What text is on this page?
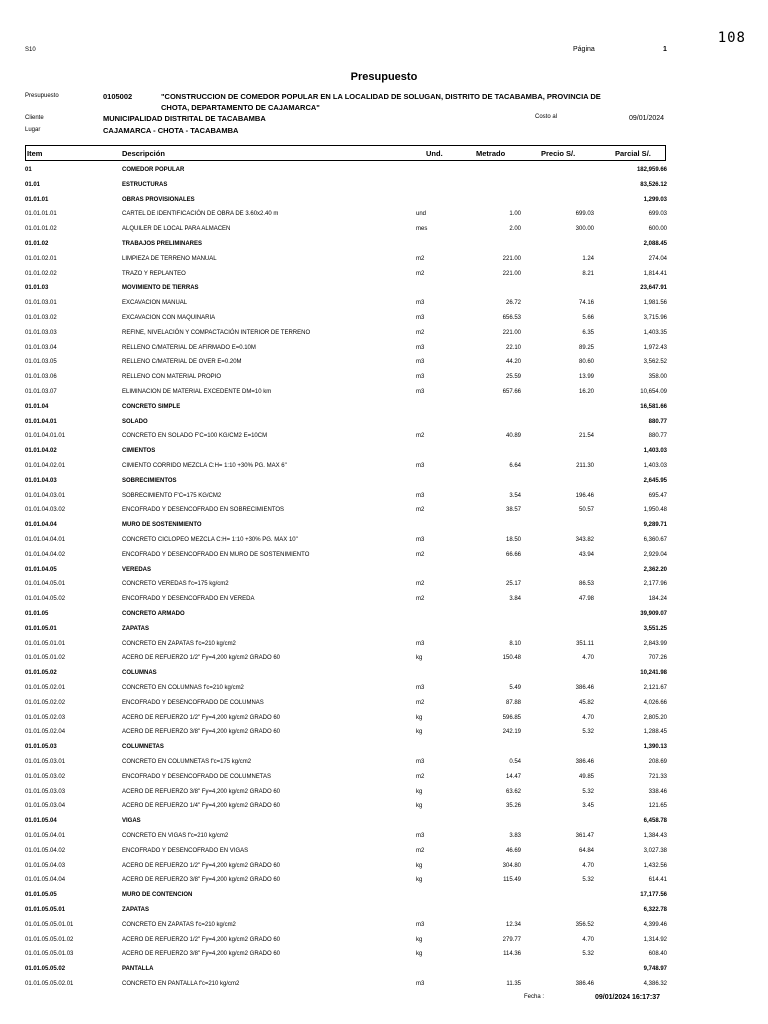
108
S10	Página	1
Presupuesto
Presupuesto	0105002	"CONSTRUCCION DE COMEDOR POPULAR EN LA LOCALIDAD DE SOLUGAN, DISTRITO DE TACABAMBA, PROVINCIA DE
CHOTA, DEPARTAMENTO DE CAJAMARCA"
Cliente	MUNICIPALIDAD DISTRITAL DE TACABAMBA	Costo al	09/01/2024
Lugar	CAJAMARCA - CHOTA - TACABAMBA
Item	Descripción	Und.	Metrado	Precio S/.	Parcial S/.
01	COMEDOR POPULAR	182,959.66
01.01	ESTRUCTURAS	83,526.12
01.01.01	OBRAS PROVISIONALES	1,299.03
01.01.01.01	CARTEL DE IDENTIFICACIÓN DE OBRA DE 3.60x2.40 m	und	1.00	699.03	699.03
01.01.01.02	ALQUILER DE LOCAL PARA ALMACEN	mes	2.00	300.00	600.00
01.01.02	TRABAJOS PRELIMINARES	2,088.45
01.01.02.01	LIMPIEZA DE TERRENO MANUAL	m2	221.00	1.24	274.04
01.01.02.02	TRAZO Y REPLANTEO	m2	221.00	8.21	1,814.41
01.01.03	MOVIMIENTO DE TIERRAS	23,647.91
01.01.03.01	EXCAVACION MANUAL	m3	26.72	74.16	1,981.56
01.01.03.02	EXCAVACION CON MAQUINARIA	m3	656.53	5.66	3,715.96
01.01.03.03	REFINE, NIVELACIÓN Y COMPACTACIÓN INTERIOR DE TERRENO	m2	221.00	6.35	1,403.35
01.01.03.04	RELLENO C/MATERIAL DE AFIRMADO E=0.10M	m3	22.10	89.25	1,972.43
01.01.03.05	RELLENO C/MATERIAL DE OVER E=0.20M	m3	44.20	80.60	3,562.52
01.01.03.06	RELLENO CON MATERIAL PROPIO	m3	25.59	13.99	358.00
01.01.03.07	ELIMINACION DE MATERIAL EXCEDENTE DM=10 km	m3	657.66	16.20	10,654.09
01.01.04	CONCRETO SIMPLE	16,581.66
01.01.04.01	SOLADO	880.77
01.01.04.01.01	CONCRETO EN SOLADO F'C=100 KG/CM2 E=10CM	m2	40.89	21.54	880.77
01.01.04.02	CIMIENTOS	1,403.03
01.01.04.02.01	CIMIENTO CORRIDO MEZCLA C:H= 1:10 +30% PG. MAX 6"	m3	6.64	211.30	1,403.03
01.01.04.03	SOBRECIMIENTOS	2,645.95
01.01.04.03.01	SOBRECIMIENTO F'C=175 KG/CM2	m3	3.54	196.46	695.47
01.01.04.03.02	ENCOFRADO Y DESENCOFRADO EN SOBRECIMIENTOS	m2	38.57	50.57	1,950.48
01.01.04.04	MURO DE SOSTENIMIENTO	9,289.71
01.01.04.04.01	CONCRETO CICLOPEO MEZCLA C:H= 1:10 +30% PG. MAX 10"	m3	18.50	343.82	6,360.67
01.01.04.04.02	ENCOFRADO Y DESENCOFRADO EN MURO DE SOSTENIMIENTO	m2	66.66	43.94	2,929.04
01.01.04.05	VEREDAS	2,362.20
01.01.04.05.01	CONCRETO VEREDAS f'c=175 kg/cm2	m2	25.17	86.53	2,177.96
01.01.04.05.02	ENCOFRADO Y DESENCOFRADO EN VEREDA	m2	3.84	47.98	184.24
01.01.05	CONCRETO ARMADO	39,909.07
01.01.05.01	ZAPATAS	3,551.25
01.01.05.01.01	CONCRETO EN ZAPATAS f'c=210 kg/cm2	m3	8.10	351.11	2,843.99
01.01.05.01.02	ACERO DE REFUERZO 1/2" Fy=4,200 kg/cm2 GRADO 60	kg	150.48	4.70	707.26
01.01.05.02	COLUMNAS	10,241.98
01.01.05.02.01	CONCRETO EN COLUMNAS f'c=210 kg/cm2	m3	5.49	386.46	2,121.67
01.01.05.02.02	ENCOFRADO Y DESENCOFRADO DE COLUMNAS	m2	87.88	45.82	4,026.66
01.01.05.02.03	ACERO DE REFUERZO 1/2" Fy=4,200 kg/cm2 GRADO 60	kg	596.85	4.70	2,805.20
01.01.05.02.04	ACERO DE REFUERZO 3/8" Fy=4,200 kg/cm2 GRADO 60	kg	242.19	5.32	1,288.45
01.01.05.03	COLUMNETAS	1,390.13
01.01.05.03.01	CONCRETO EN COLUMNETAS f'c=175 kg/cm2	m3	0.54	386.46	208.69
01.01.05.03.02	ENCOFRADO Y DESENCOFRADO DE COLUMNETAS	m2	14.47	49.85	721.33
01.01.05.03.03	ACERO DE REFUERZO 3/8" Fy=4,200 kg/cm2 GRADO 60	kg	63.62	5.32	338.46
01.01.05.03.04	ACERO DE REFUERZO 1/4" Fy=4,200 kg/cm2 GRADO 60	kg	35.26	3.45	121.65
01.01.05.04	VIGAS	6,458.78
01.01.05.04.01	CONCRETO EN VIGAS f'c=210 kg/cm2	m3	3.83	361.47	1,384.43
01.01.05.04.02	ENCOFRADO Y DESENCOFRADO EN VIGAS	m2	46.69	64.84	3,027.38
01.01.05.04.03	ACERO DE REFUERZO 1/2" Fy=4,200 kg/cm2 GRADO 60	kg	304.80	4.70	1,432.56
01.01.05.04.04	ACERO DE REFUERZO 3/8" Fy=4,200 kg/cm2 GRADO 60	kg	115.49	5.32	614.41
01.01.05.05	MURO DE CONTENCION	17,177.56
01.01.05.05.01	ZAPATAS	6,322.78
01.01.05.05.01.01	CONCRETO EN ZAPATAS f'c=210 kg/cm2	m3	12.34	356.52	4,399.46
01.01.05.05.01.02	ACERO DE REFUERZO 1/2" Fy=4,200 kg/cm2 GRADO 60	kg	279.77	4.70	1,314.92
01.01.05.05.01.03	ACERO DE REFUERZO 3/8" Fy=4,200 kg/cm2 GRADO 60	kg	114.36	5.32	608.40
01.01.05.05.02	PANTALLA	9,748.97
01.01.05.05.02.01	CONCRETO EN PANTALLA f'c=210 kg/cm2	m3	11.35	386.46	4,386.32
Fecha :	09/01/2024 16:17:37
